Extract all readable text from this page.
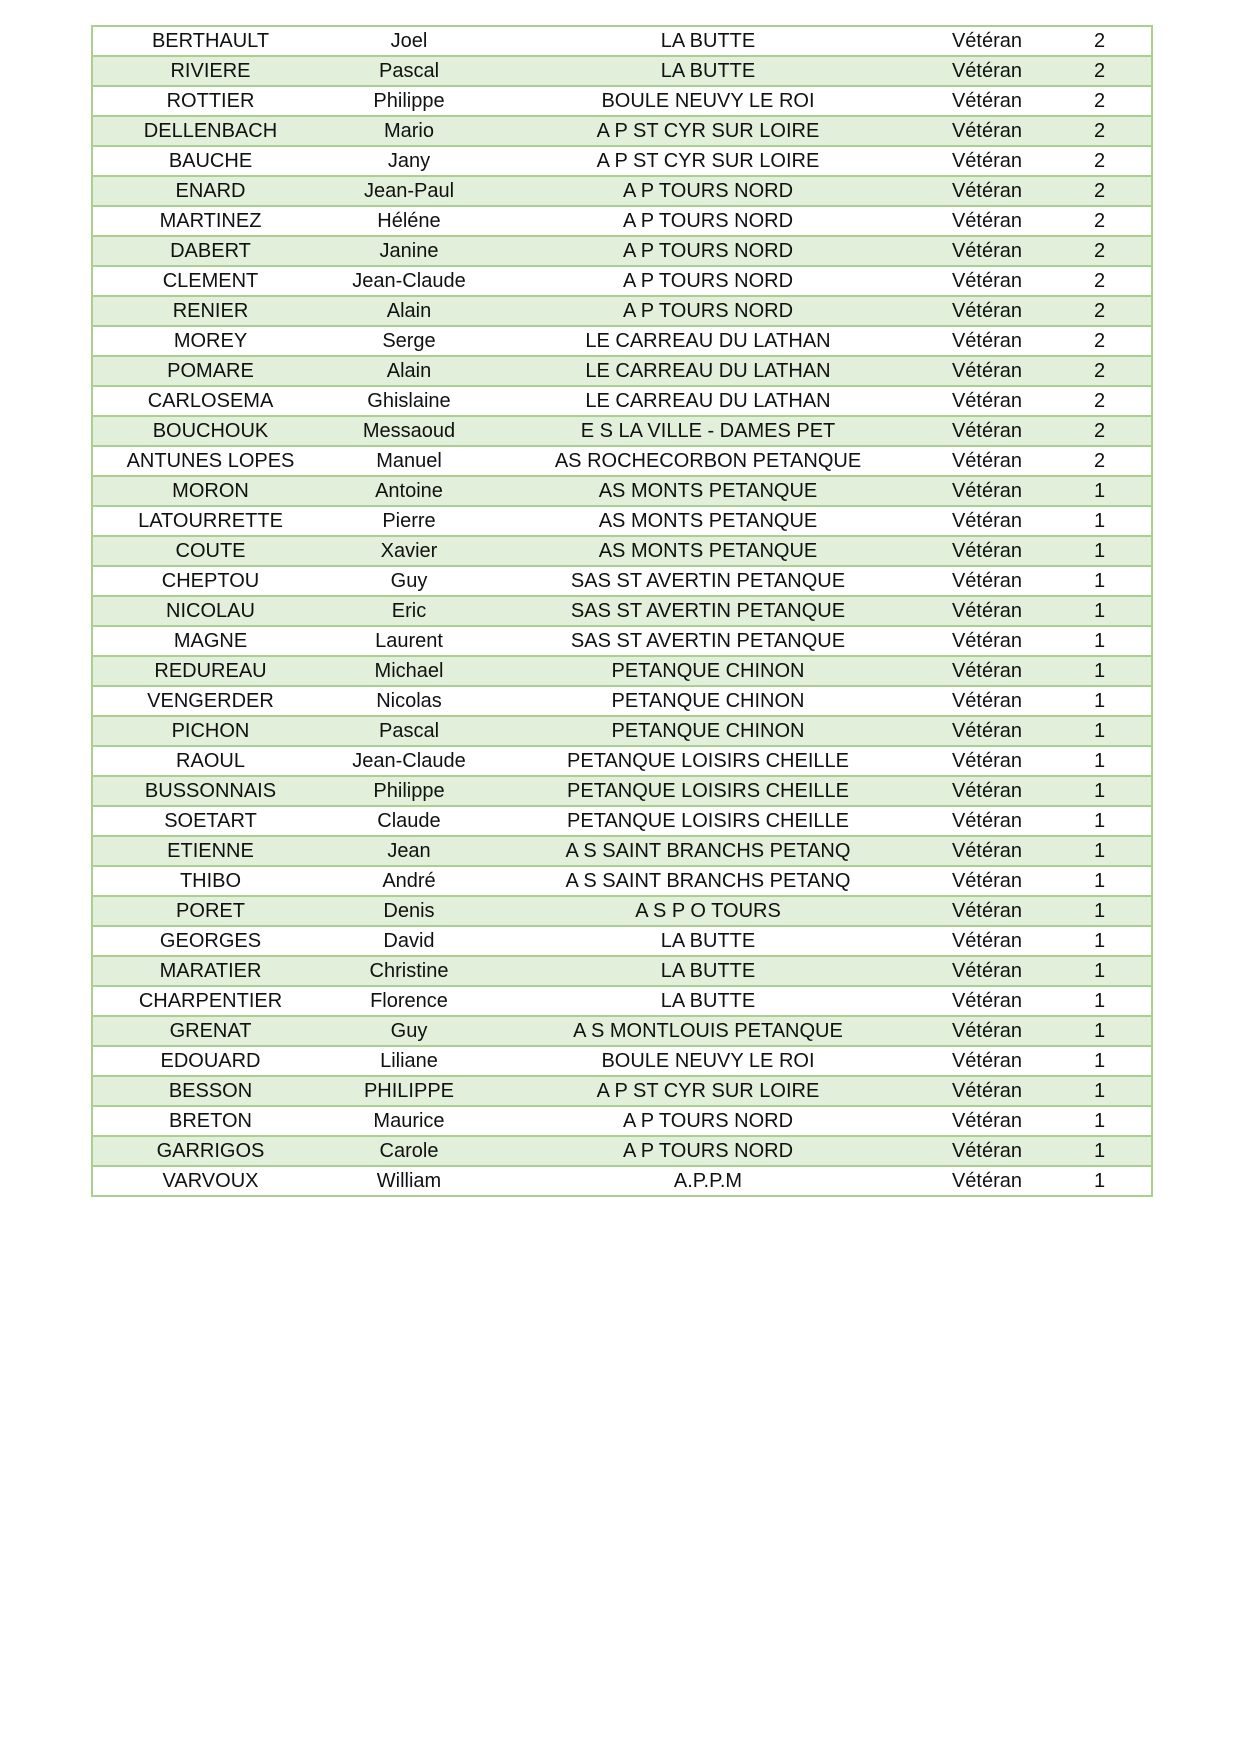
BERTHAULT	Joel	LA BUTTE	Vétéran	2
RIVIERE	Pascal	LA BUTTE	Vétéran	2
ROTTIER	Philippe	BOULE NEUVY LE ROI	Vétéran	2
DELLENBACH	Mario	A P ST CYR SUR LOIRE	Vétéran	2
BAUCHE	Jany	A P ST CYR SUR LOIRE	Vétéran	2
ENARD	Jean-Paul	A P TOURS NORD	Vétéran	2
MARTINEZ	Héléne	A P TOURS NORD	Vétéran	2
DABERT	Janine	A P TOURS NORD	Vétéran	2
CLEMENT	Jean-Claude	A P TOURS NORD	Vétéran	2
RENIER	Alain	A P TOURS NORD	Vétéran	2
MOREY	Serge	LE CARREAU DU LATHAN	Vétéran	2
POMARE	Alain	LE CARREAU DU LATHAN	Vétéran	2
CARLOSEMA	Ghislaine	LE CARREAU DU LATHAN	Vétéran	2
BOUCHOUK	Messaoud	E S LA VILLE - DAMES PET	Vétéran	2
ANTUNES LOPES	Manuel	AS ROCHECORBON PETANQUE	Vétéran	2
MORON	Antoine	AS MONTS PETANQUE	Vétéran	1
LATOURRETTE	Pierre	AS MONTS PETANQUE	Vétéran	1
COUTE	Xavier	AS MONTS PETANQUE	Vétéran	1
CHEPTOU	Guy	SAS ST AVERTIN PETANQUE	Vétéran	1
NICOLAU	Eric	SAS ST AVERTIN PETANQUE	Vétéran	1
MAGNE	Laurent	SAS ST AVERTIN PETANQUE	Vétéran	1
REDUREAU	Michael	PETANQUE CHINON	Vétéran	1
VENGERDER	Nicolas	PETANQUE CHINON	Vétéran	1
PICHON	Pascal	PETANQUE CHINON	Vétéran	1
RAOUL	Jean-Claude	PETANQUE LOISIRS CHEILLE	Vétéran	1
BUSSONNAIS	Philippe	PETANQUE LOISIRS CHEILLE	Vétéran	1
SOETART	Claude	PETANQUE LOISIRS CHEILLE	Vétéran	1
ETIENNE	Jean	A S SAINT BRANCHS PETANQ	Vétéran	1
THIBO	André	A S SAINT BRANCHS PETANQ	Vétéran	1
PORET	Denis	A S P O TOURS	Vétéran	1
GEORGES	David	LA BUTTE	Vétéran	1
MARATIER	Christine	LA BUTTE	Vétéran	1
CHARPENTIER	Florence	LA BUTTE	Vétéran	1
GRENAT	Guy	A S MONTLOUIS PETANQUE	Vétéran	1
EDOUARD	Liliane	BOULE NEUVY LE ROI	Vétéran	1
BESSON	PHILIPPE	A P ST CYR SUR LOIRE	Vétéran	1
BRETON	Maurice	A P TOURS NORD	Vétéran	1
GARRIGOS	Carole	A P TOURS NORD	Vétéran	1
VARVOUX	William	A.P.P.M	Vétéran	1
